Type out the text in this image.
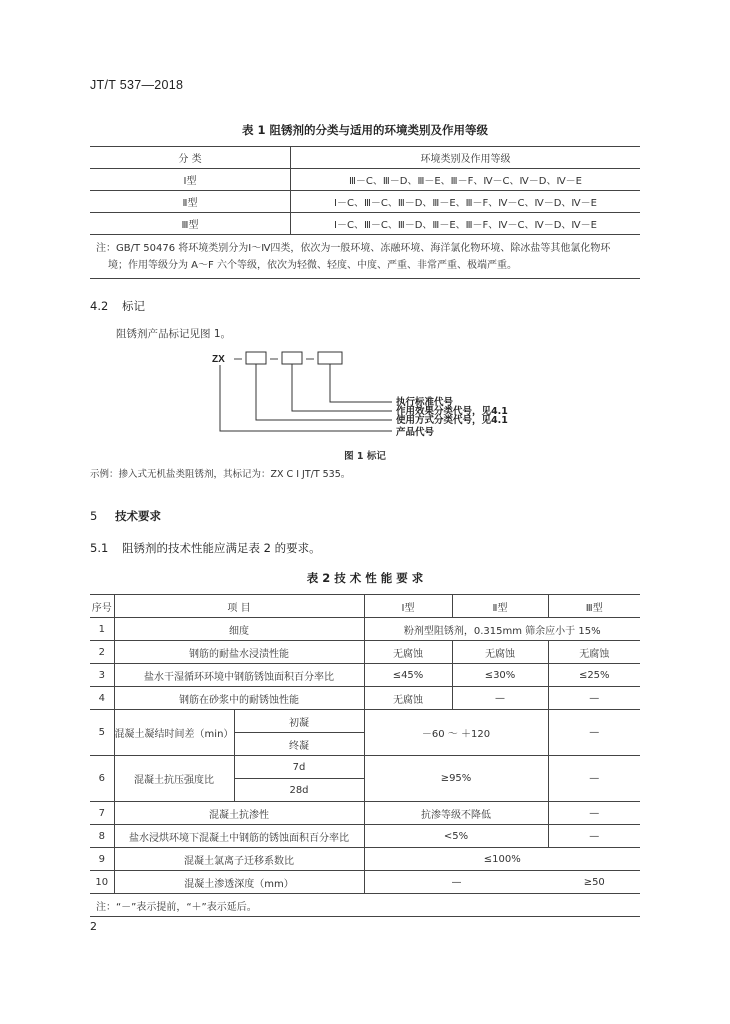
JT/T 537—2018
表 1 阻锈剂的分类与适用的环境类别及作用等级
分 类	环境类别及作用等级
Ⅰ型	Ⅲ－C、Ⅲ－D、Ⅲ－E、Ⅲ－F、Ⅳ－C、Ⅳ－D、Ⅳ－E
Ⅱ型	Ⅰ－C、Ⅲ－C、Ⅲ－D、Ⅲ－E、Ⅲ－F、Ⅳ－C、Ⅳ－D、Ⅳ－E
Ⅲ型	Ⅰ－C、Ⅲ－C、Ⅲ－D、Ⅲ－E、Ⅲ－F、Ⅳ－C、Ⅳ－D、Ⅳ－E

注：GB/T 50476 将环境类别分为Ⅰ～Ⅳ四类，依次为一般环境、冻融环境、海洋氯化物环境、除冰盐等其他氯化物环
境；作用等级分为 A～F 六个等级，依次为轻微、轻度、中度、严重、非常严重、极端严重。	
4.2 标记
阻锈剂产品标记见图 1。
ZX
执行标准代号
作用效果分类代号，见4.1
使用方式分类代号，见4.1
产品代号
图 1 标记
示例：掺入式无机盐类阻锈剂，其标记为：ZX C Ⅰ JT/T 535。
5 技术要求
5.1 阻锈剂的技术性能应满足表 2 的要求。
表 2 技 术 性 能 要 求
序号	项 目		Ⅰ型	Ⅱ型	Ⅲ型
1	细度		粉剂型阻锈剂，0.315mm 筛余应小于 15%		
2	钢筋的耐盐水浸渍性能		无腐蚀	无腐蚀	无腐蚀
3	盐水干湿循环环境中钢筋锈蚀面积百分率比		≤45%	≤30%	≤25%
4	钢筋在砂浆中的耐锈蚀性能		无腐蚀	—	—
5	混凝土凝结时间差（min）	初凝	－60 ～ ＋120		—
		终凝			
6	混凝土抗压强度比	7d	≥95%		—
		28d			
7	混凝土抗渗性		抗渗等级不降低		—
8	盐水浸烘环境下混凝土中钢筋的锈蚀面积百分率比		<5%		—
9	混凝土氯离子迁移系数比		≤100%		
10	混凝土渗透深度（mm）		— ≥50		

注：“－”表示提前，“＋”表示延后。					
2
